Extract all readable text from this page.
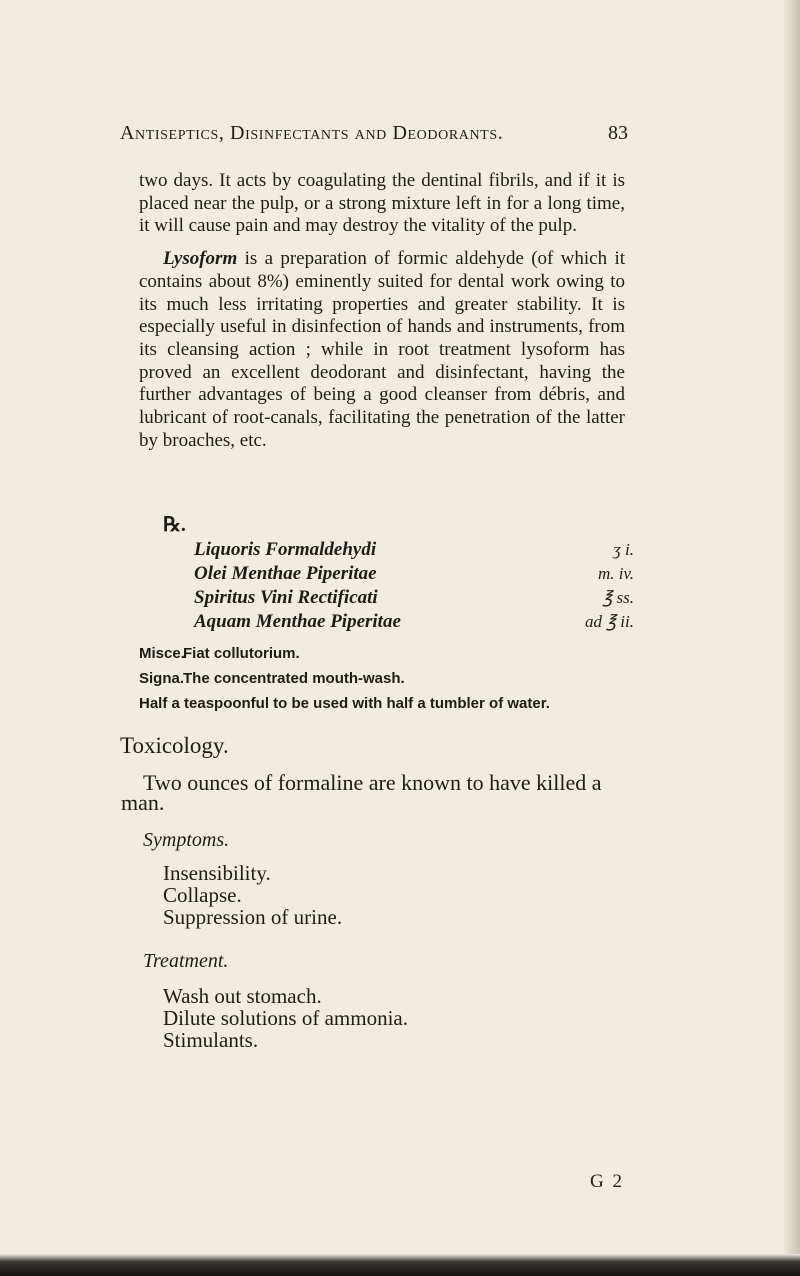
Antiseptics, Disinfectants and Deodorants.	83

two days. It acts by coagulating the dentinal fibrils, and if it is placed near the pulp, or a strong mixture left in for a long time, it will cause pain and may destroy the vitality of the pulp.

Lysoform is a preparation of formic aldehyde (of which it contains about 8%) eminently suited for dental work owing to its much less irritating properties and greater stability. It is especially useful in disinfection of hands and instruments, from its cleansing action ; while in root treatment lysoform has proved an excellent deodorant and disinfectant, having the further advantages of being a good cleanser from débris, and lubricant of root-canals, facilitating the penetration of the latter by broaches, etc.

℞.
Liquoris Formaldehydi	ʒ i.
Olei Menthae Piperitae	m. iv.
Spiritus Vini Rectificati	℥ ss.
Aquam Menthae Piperitae	ad ℥ ii.
Misce.Fiat collutorium.
Signa.The concentrated mouth-wash.
Half a teaspoonful to be used with half a tumbler of water.
Toxicology.
Two ounces of formaline are known to have killed a man.
Symptoms.
Insensibility.
Collapse.
Suppression of urine.
Treatment.
Wash out stomach.
Dilute solutions of ammonia.
Stimulants.
G 2
